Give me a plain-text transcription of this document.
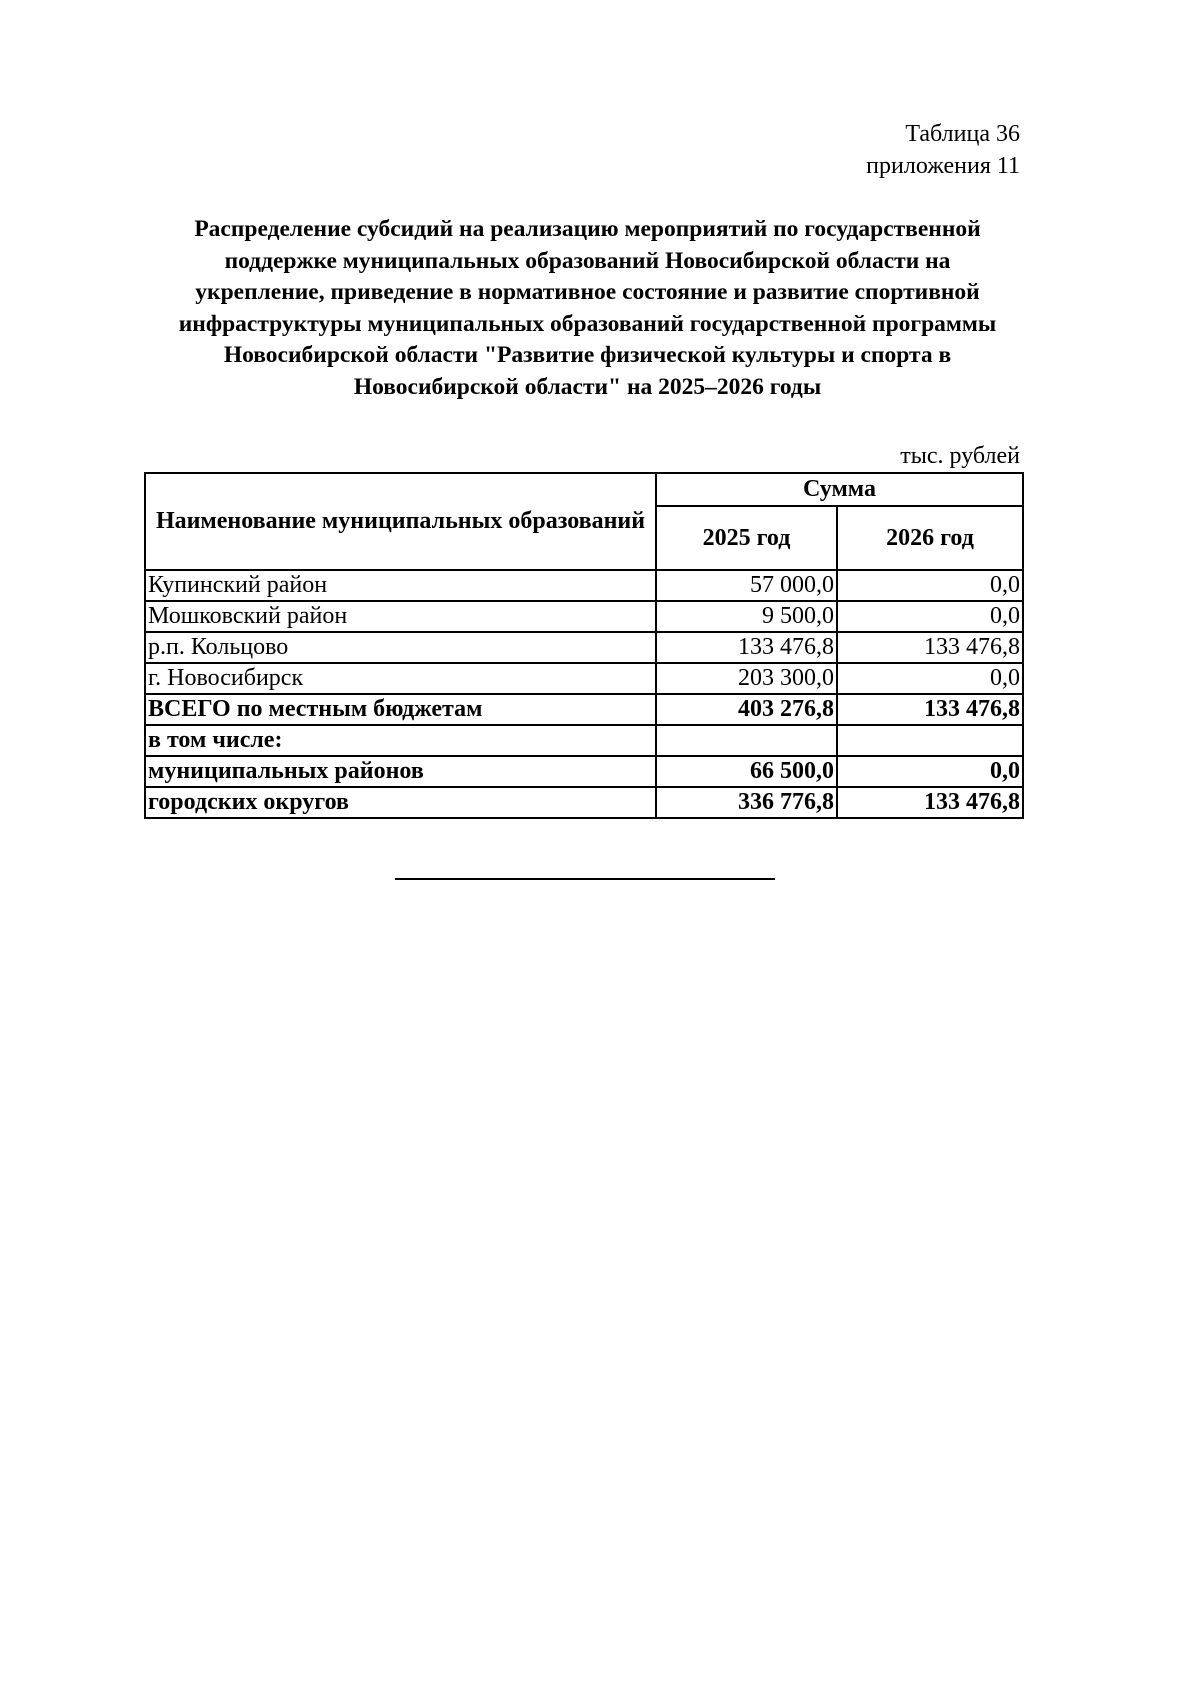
Таблица 36
приложения 11
Распределение субсидий на реализацию мероприятий по государственной
поддержке муниципальных образований Новосибирской области на
укрепление, приведение в нормативное состояние и развитие спортивной
инфраструктуры муниципальных образований государственной программы
Новосибирской области "Развитие физической культуры и спорта в
Новосибирской области" на 2025–2026 годы
тыс. рублей
Наименование муниципальных образований	Сумма	
	2025 год	2026 год
Купинский район	57 000,0	0,0
Мошковский район	9 500,0	0,0
р.п. Кольцово	133 476,8	133 476,8
г. Новосибирск	203 300,0	0,0
ВСЕГО по местным бюджетам	403 276,8	133 476,8
в том числе:		
муниципальных районов	66 500,0	0,0
городских округов	336 776,8	133 476,8
